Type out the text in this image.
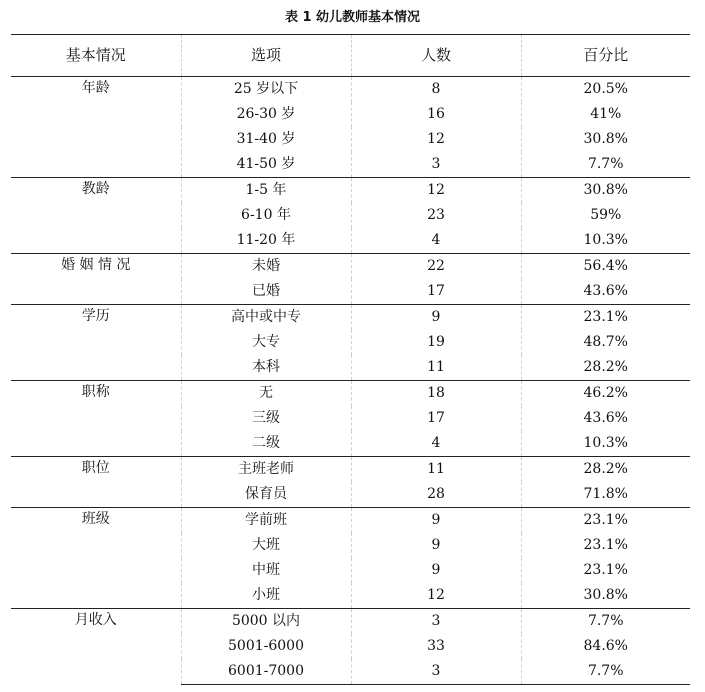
表 1 幼儿教师基本情况
基本情况	选项	人数	百分比
年龄	25 岁以下	8	20.5%
	26-30 岁	16	41%
	31-40 岁	12	30.8%
	41-50 岁	3	7.7%
教龄	1-5 年	12	30.8%
	6-10 年	23	59%
	11-20 年	4	10.3%
婚 姻 情 况	未婚	22	56.4%
	已婚	17	43.6%
学历	高中或中专	9	23.1%
	大专	19	48.7%
	本科	11	28.2%
职称	无	18	46.2%
	三级	17	43.6%
	二级	4	10.3%
职位	主班老师	11	28.2%
	保育员	28	71.8%
班级	学前班	9	23.1%
	大班	9	23.1%
	中班	9	23.1%
	小班	12	30.8%
月收入	5000 以内	3	7.7%
	5001-6000	33	84.6%
	6001-7000	3	7.7%
